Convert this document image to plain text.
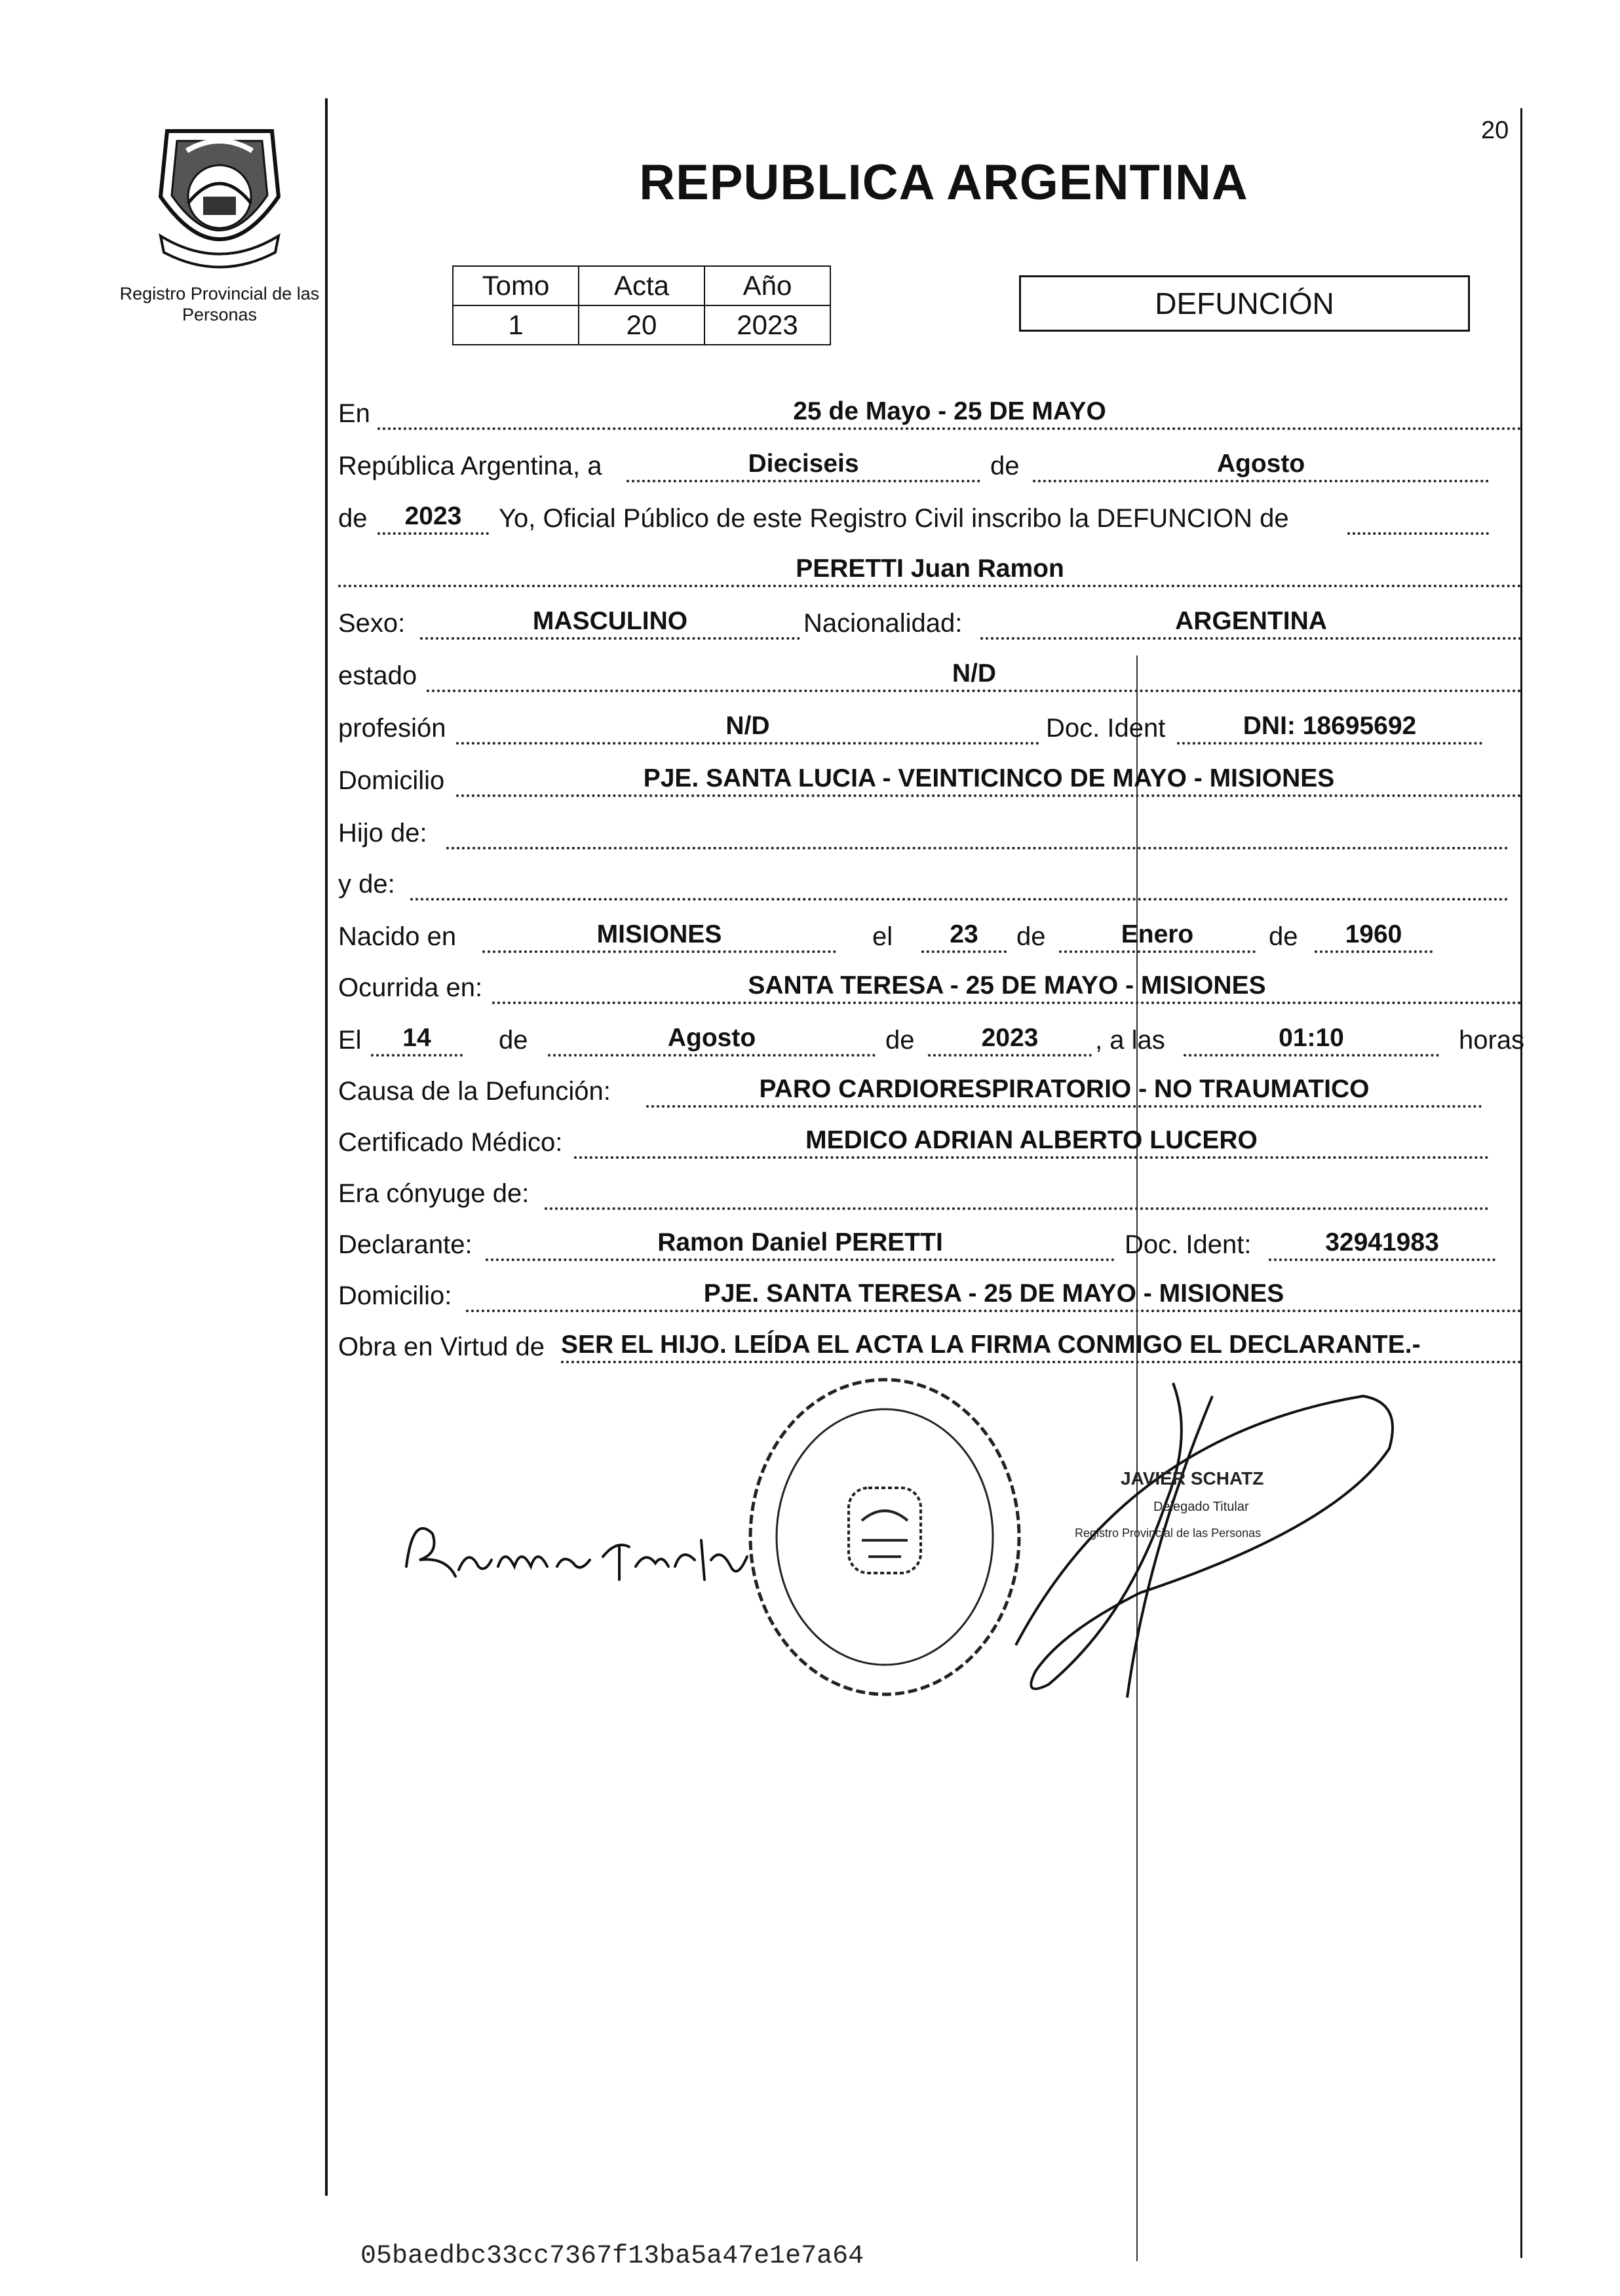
Registro Provincial de las Personas
20
REPUBLICA ARGENTINA
Tomo	Acta	Año
1	20	2023
DEFUNCIÓN
En	25 de Mayo - 25 DE MAYO
República Argentina, a	Dieciseis	de	Agosto
de	2023	Yo, Oficial Público de este Registro Civil inscribo la DEFUNCION de
PERETTI Juan Ramon
Sexo:	MASCULINO	Nacionalidad:	ARGENTINA
estado	N/D
profesión	N/D	Doc. Ident	DNI: 18695692
Domicilio	PJE. SANTA LUCIA - VEINTICINCO DE MAYO - MISIONES
Hijo de:
y de:
Nacido en	MISIONES	el	23	de	Enero	de	1960
Ocurrida en:	SANTA TERESA - 25 DE MAYO - MISIONES
El	14	de	Agosto	de	2023	, a las	01:10	horas
Causa de la Defunción:	PARO CARDIORESPIRATORIO - NO TRAUMATICO
Certificado Médico:	MEDICO ADRIAN ALBERTO LUCERO
Era cónyuge de:
Declarante:	Ramon Daniel PERETTI	Doc. Ident:	32941983
Domicilio:	PJE. SANTA TERESA - 25 DE MAYO - MISIONES
Obra en Virtud de SER EL HIJO. LEÍDA EL ACTA LA FIRMA CONMIGO EL DECLARANTE.-
JAVIER SCHATZ
Delegado Titular
Registro Provincial de las Personas
05baedbc33cc7367f13ba5a47e1e7a64
